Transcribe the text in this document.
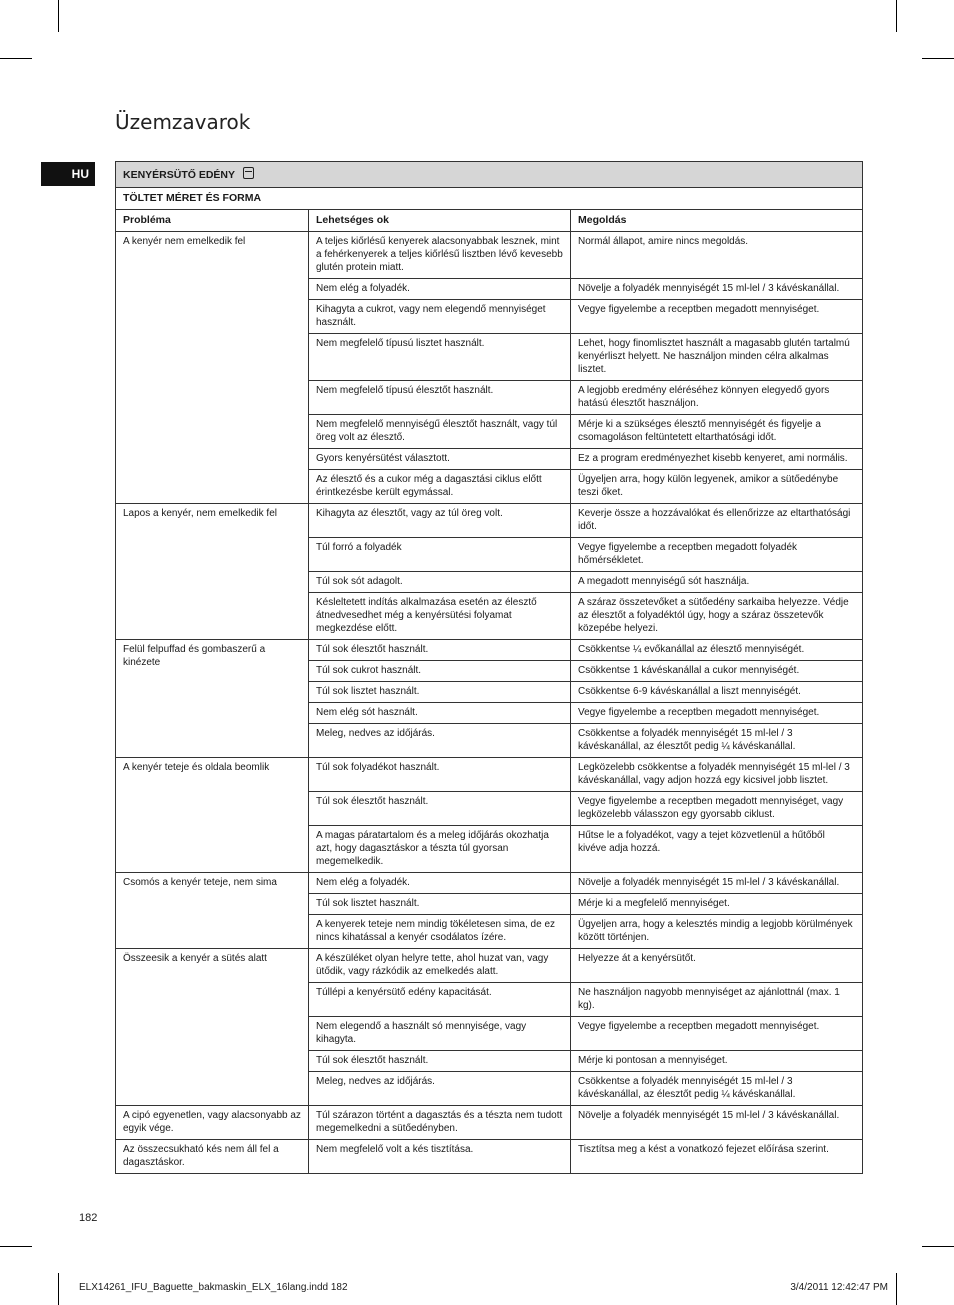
Üzemzavarok
HU	KENYÉRSÜTŐ EDÉNY		
TÖLTET MÉRET ÉS FORMA		
Probléma	Lehetséges ok	Megoldás
A kenyér nem emelkedik fel	A teljes kiőrlésű kenyerek alacsonyabbak lesznek, mint a fehérkenyerek a teljes kiőrlésű lisztben lévő kevesebb glutén protein miatt.	Normál állapot, amire nincs megoldás.
	Nem elég a folyadék.	Növelje a folyadék mennyiségét 15 ml-lel / 3 kávéskanállal.
	Kihagyta a cukrot, vagy nem elegendő mennyiséget használt.	Vegye figyelembe a receptben megadott mennyiséget.
	Nem megfelelő típusú lisztet használt.	Lehet, hogy finomlisztet használt a magasabb glutén tartalmú kenyérliszt helyett. Ne használjon minden célra alkalmas lisztet.
	Nem megfelelő típusú élesztőt használt.	A legjobb eredmény eléréséhez könnyen elegyedő gyors hatású élesztőt használjon.
	Nem megfelelő mennyiségű élesztőt használt, vagy túl öreg volt az élesztő.	Mérje ki a szükséges élesztő mennyiségét és figyelje a csomagoláson feltüntetett eltarthatósági időt.
	Gyors kenyérsütést választott.	Ez a program eredményezhet kisebb kenyeret, ami normális.
	Az élesztő és a cukor még a dagasztási ciklus előtt érintkezésbe került egymással.	Ügyeljen arra, hogy külön legyenek, amikor a sütőedénybe teszi őket.
Lapos a kenyér, nem emelkedik fel	Kihagyta az élesztőt, vagy az túl öreg volt.	Keverje össze a hozzávalókat és ellenőrizze az eltarthatósági időt.
	Túl forró a folyadék	Vegye figyelembe a receptben megadott folyadék hőmérsékletet.
	Túl sok sót adagolt.	A megadott mennyiségű sót használja.
	Késleltetett indítás alkalmazása esetén az élesztő átnedvesedhet még a kenyérsütési folyamat megkezdése előtt.	A száraz összetevőket a sütőedény sarkaiba helyezze. Védje az élesztőt a folyadéktól úgy, hogy a száraz összetevők közepébe helyezi.
Felül felpuffad és gombaszerű a kinézete	Túl sok élesztőt használt.	Csökkentse ¼ evőkanállal az élesztő mennyiségét.
	Túl sok cukrot használt.	Csökkentse 1 kávéskanállal a cukor mennyiségét.
	Túl sok lisztet használt.	Csökkentse 6-9 kávéskanállal a liszt mennyiségét.
	Nem elég sót használt.	Vegye figyelembe a receptben megadott mennyiséget.
	Meleg, nedves az időjárás.	Csökkentse a folyadék mennyiségét 15 ml-lel / 3 kávéskanállal, az élesztőt pedig ¼ kávéskanállal.
A kenyér teteje és oldala beomlik	Túl sok folyadékot használt.	Legközelebb csökkentse a folyadék mennyiségét 15 ml-lel / 3 kávéskanállal, vagy adjon hozzá egy kicsivel jobb lisztet.
	Túl sok élesztőt használt.	Vegye figyelembe a receptben megadott mennyiséget, vagy legközelebb válasszon egy gyorsabb ciklust.
	A magas páratartalom és a meleg időjárás okozhatja azt, hogy dagasztáskor a tészta túl gyorsan megemelkedik.	Hűtse le a folyadékot, vagy a tejet közvetlenül a hűtőből kivéve adja hozzá.
Csomós a kenyér teteje, nem sima	Nem elég a folyadék.	Növelje a folyadék mennyiségét 15 ml-lel / 3 kávéskanállal.
	Túl sok lisztet használt.	Mérje ki a megfelelő mennyiséget.
	A kenyerek teteje nem mindig tökéletesen sima, de ez nincs kihatással a kenyér csodálatos ízére.	Ügyeljen arra, hogy a kelesztés mindig a legjobb körülmények között történjen.
Összeesik a kenyér a sütés alatt	A készüléket olyan helyre tette, ahol huzat van, vagy ütődik, vagy rázkódik az emelkedés alatt.	Helyezze át a kenyérsütőt.
	Túllépi a kenyérsütő edény kapacitását.	Ne használjon nagyobb mennyiséget az ajánlottnál (max. 1 kg).
	Nem elegendő a használt só mennyisége, vagy kihagyta.	Vegye figyelembe a receptben megadott mennyiséget.
	Túl sok élesztőt használt.	Mérje ki pontosan a mennyiséget.
	Meleg, nedves az időjárás.	Csökkentse a folyadék mennyiségét 15 ml-lel / 3 kávéskanállal, az élesztőt pedig ¼ kávéskanállal.
A cipó egyenetlen, vagy alacsonyabb az egyik vége.	Túl szárazon történt a dagasztás és a tészta nem tudott megemelkedni a sütőedényben.	Növelje a folyadék mennyiségét 15 ml-lel / 3 kávéskanállal.
Az összecsukható kés nem áll fel a dagasztáskor.	Nem megfelelő volt a kés tisztítása.	Tisztítsa meg a kést a vonatkozó fejezet előírása szerint.
182
ELX14261_IFU_Baguette_bakmaskin_ELX_16lang.indd 182	3/4/2011 12:42:47 PM
